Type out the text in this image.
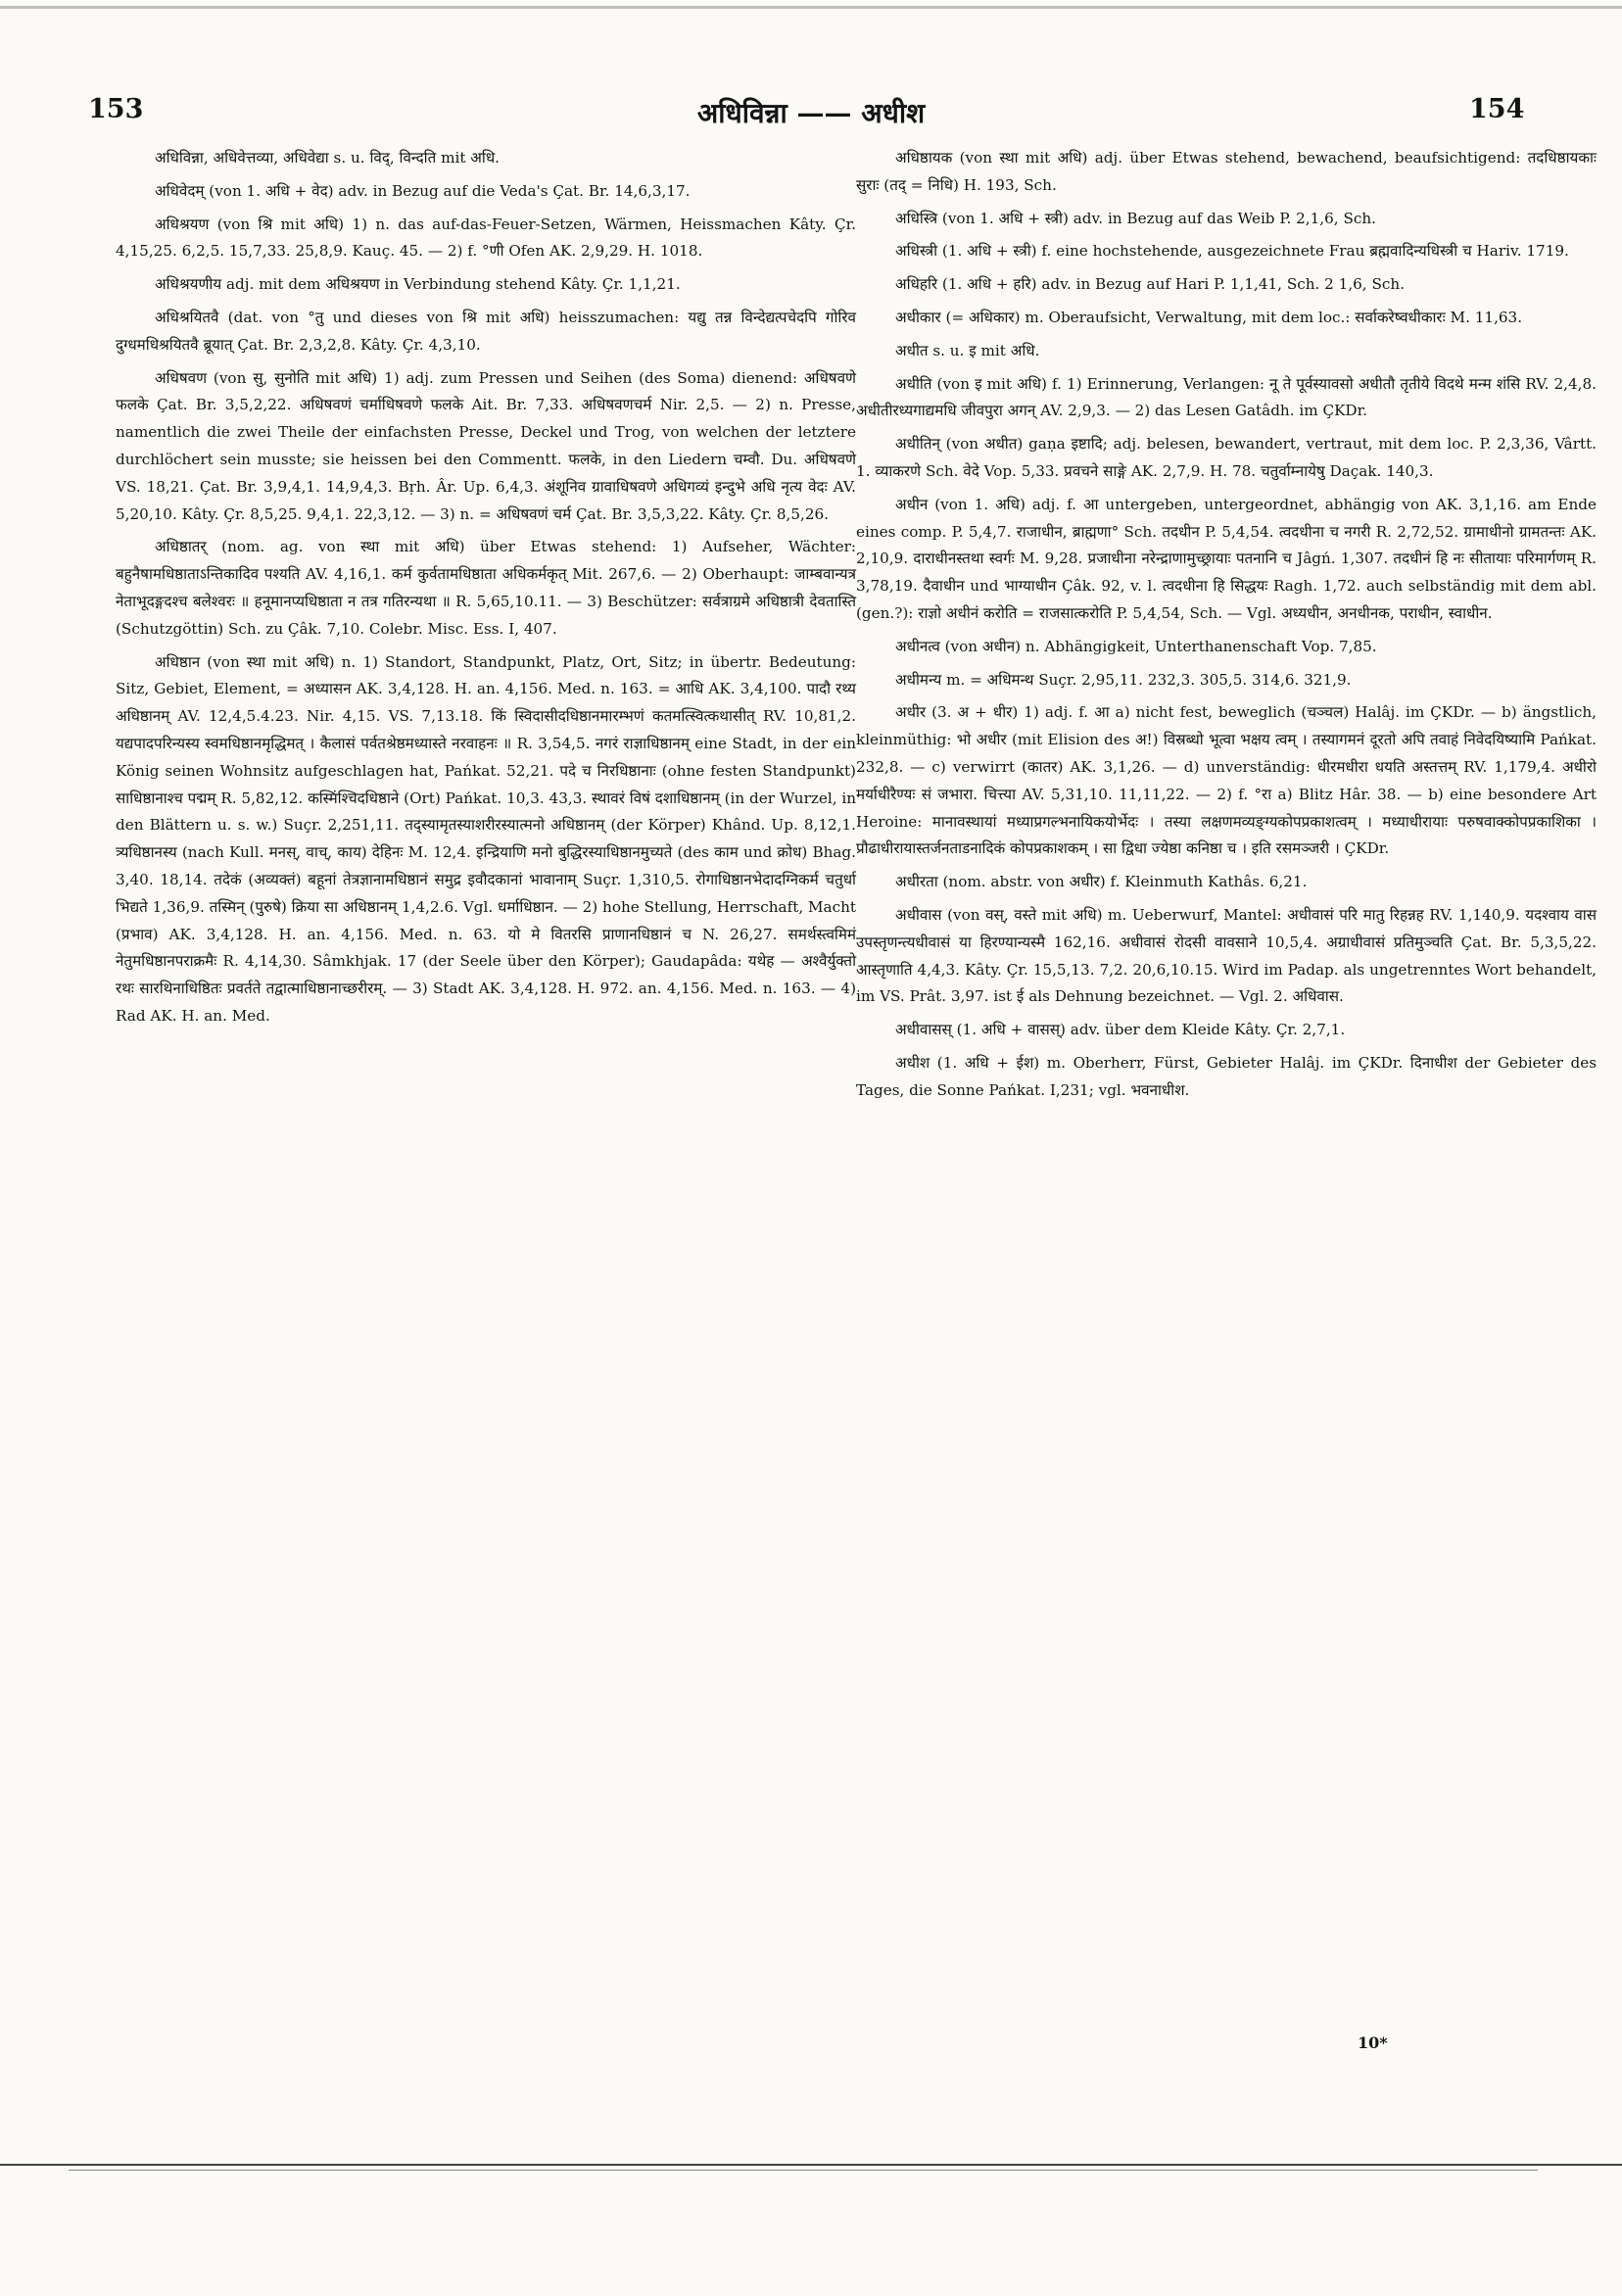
153	अधिविन्ना —— अधीश	154

अधिविन्ना, अधिवेत्तव्या, अधिवेद्या s. u. विद्, विन्दति mit अधि.

अधिवेदम् (von 1. अधि + वेद) adv. in Bezug auf die Veda's Çat. Br. 14,6,3,17.

अधिश्रयण (von श्रि mit अधि) 1) n. das auf-das-Feuer-Setzen, Wärmen, Heissmachen Kâty. Çr. 4,15,25. 6,2,5. 15,7,33. 25,8,9. Kauç. 45. — 2) f. °णी Ofen AK. 2,9,29. H. 1018.

अधिश्रयणीय adj. mit dem अधिश्रयण in Verbindung stehend Kâty. Çr. 1,1,21.

अधिश्रयितवै (dat. von °तु und dieses von श्रि mit अधि) heisszumachen: यद्यु तन्न विन्देद्यत्पचेदपि गोरिव दुग्धमधिश्रयितवै ब्रूयात् Çat. Br. 2,3,2,8. Kâty. Çr. 4,3,10.

अधिषवण (von सु, सुनोति mit अधि) 1) adj. zum Pressen und Seihen (des Soma) dienend: अधिषवणे फलके Çat. Br. 3,5,2,22. अधिषवणं चर्माधिषवणे फलके Ait. Br. 7,33. अधिषवणचर्म Nir. 2,5. — 2) n. Presse, namentlich die zwei Theile der einfachsten Presse, Deckel und Trog, von welchen der letztere durchlöchert sein musste; sie heissen bei den Commentt. फलके, in den Liedern चम्वौ. Du. अधिषवणे VS. 18,21. Çat. Br. 3,9,4,1. 14,9,4,3. Bṛh. Âr. Up. 6,4,3. अंशूनिव ग्रावाधिषवणे अधिगव्यं इन्दुभे अधि नृत्य वेदः AV. 5,20,10. Kâty. Çr. 8,5,25. 9,4,1. 22,3,12. — 3) n. = अधिषवणं चर्म Çat. Br. 3,5,3,22. Kâty. Çr. 8,5,26.

अधिष्ठातर् (nom. ag. von स्था mit अधि) über Etwas stehend: 1) Aufseher, Wächter: बहुनैषामधिष्ठाताऽन्तिकादिव पश्यति AV. 4,16,1. कर्म कुर्वतामधिष्ठाता अधिकर्मकृत् Mit. 267,6. — 2) Oberhaupt: जाम्बवान्यत्र नेताभूदङ्गदश्च बलेश्वरः ॥ हनूमानप्यधिष्ठाता न तत्र गतिरन्यथा ॥ R. 5,65,10.11. — 3) Beschützer: सर्वत्राग्रमे अधिष्ठात्री देवतास्ति (Schutzgöttin) Sch. zu Çâk. 7,10. Colebr. Misc. Ess. I, 407.

अधिष्ठान (von स्था mit अधि) n. 1) Standort, Standpunkt, Platz, Ort, Sitz; in übertr. Bedeutung: Sitz, Gebiet, Element, = अध्यासन AK. 3,4,128. H. an. 4,156. Med. n. 163. = आधि AK. 3,4,100. पादौ रथ्य अधिष्ठानम् AV. 12,4,5.4.23. Nir. 4,15. VS. 7,13.18. किं स्विदासीदधिष्ठानमारम्भणं कतमत्स्वित्कथासीत् RV. 10,81,2. यद्यपादपरिन्यस्य स्वमधिष्ठानमृद्धिमत् । कैलासं पर्वतश्रेष्ठमध्यास्ते नरवाहनः ॥ R. 3,54,5. नगरं राज्ञाधिष्ठानम् eine Stadt, in der ein König seinen Wohnsitz aufgeschlagen hat, Pańkat. 52,21. पदे च निरधिष्ठानाः (ohne festen Standpunkt) साधिष्ठानाश्च पद्मम् R. 5,82,12. कस्मिंश्चिदधिष्ठाने (Ort) Pańkat. 10,3. 43,3. स्थावरं विषं दशाधिष्ठानम् (in der Wurzel, in den Blättern u. s. w.) Suçr. 2,251,11. तद्स्यामृतस्याशरीरस्यात्मनो अधिष्ठानम् (der Körper) Khând. Up. 8,12,1. त्र्यधिष्ठानस्य (nach Kull. मनस्, वाच्, काय) देहिनः M. 12,4. इन्द्रियाणि मनो बुद्धिरस्याधिष्ठानमुच्यते (des काम und क्रोध) Bhag. 3,40. 18,14. तदेकं (अव्यक्तं) बहूनां तेत्रज्ञानामधिष्ठानं समुद्र इवौदकानां भावानाम् Suçr. 1,310,5. रोगाधिष्ठानभेदादग्निकर्म चतुर्धा भिद्यते 1,36,9. तस्मिन् (पुरुषे) क्रिया सा अधिष्ठानम् 1,4,2.6. Vgl. धर्माधिष्ठान. — 2) hohe Stellung, Herrschaft, Macht (प्रभाव) AK. 3,4,128. H. an. 4,156. Med. n. 63. यो मे वितरसि प्राणानधिष्ठानं च N. 26,27. समर्थस्त्वमिमं नेतुमधिष्ठानपराक्रमैः R. 4,14,30. Sâmkhjak. 17 (der Seele über den Körper); Gaudapâda: यथेह — अश्वैर्युक्तो रथः सारथिनाधिष्ठितः प्रवर्तते तद्वात्माधिष्ठानाच्छरीरम्. — 3) Stadt AK. 3,4,128. H. 972. an. 4,156. Med. n. 163. — 4) Rad AK. H. an. Med.

अधिष्ठायक (von स्था mit अधि) adj. über Etwas stehend, bewachend, beaufsichtigend: तदधिष्ठायकाः सुराः (तद् = निधि) H. 193, Sch.

अधिस्त्रि (von 1. अधि + स्त्री) adv. in Bezug auf das Weib P. 2,1,6, Sch.

अधिस्त्री (1. अधि + स्त्री) f. eine hochstehende, ausgezeichnete Frau ब्रह्मवादिन्यधिस्त्री च Hariv. 1719.

अधिहरि (1. अधि + हरि) adv. in Bezug auf Hari P. 1,1,41, Sch. 2 1,6, Sch.

अधीकार (= अधिकार) m. Oberaufsicht, Verwaltung, mit dem loc.: सर्वाकरेष्वधीकारः M. 11,63.

अधीत s. u. इ mit अधि.

अधीति (von इ mit अधि) f. 1) Erinnerung, Verlangen: नू ते पूर्वस्यावसो अधीतौ तृतीये विदथे मन्म शंसि RV. 2,4,8. अधीतीरध्यगाद्यमधि जीवपुरा अगन् AV. 2,9,3. — 2) das Lesen Gatâdh. im ÇKDr.

अधीतिन् (von अधीत) gaṇa इष्टादि; adj. belesen, bewandert, vertraut, mit dem loc. P. 2,3,36, Vârtt. 1. व्याकरणे Sch. वेदे Vop. 5,33. प्रवचने साङ्गे AK. 2,7,9. H. 78. चतुर्वाम्नायेषु Daçak. 140,3.

अधीन (von 1. अधि) adj. f. आ untergeben, untergeordnet, abhängig von AK. 3,1,16. am Ende eines comp. P. 5,4,7. राजाधीन, ब्राह्मणा° Sch. तदधीन P. 5,4,54. त्वदधीना च नगरी R. 2,72,52. ग्रामाधीनो ग्रामतन्तः AK. 2,10,9. दाराधीनस्तथा स्वर्गः M. 9,28. प्रजाधीना नरेन्द्राणामुच्छ्रायाः पतनानि च Jâgń. 1,307. तदधीनं हि नः सीतायाः परिमार्गणम् R. 3,78,19. दैवाधीन und भाग्याधीन Çâk. 92, v. l. त्वदधीना हि सिद्धयः Ragh. 1,72. auch selbständig mit dem abl. (gen.?): राज्ञो अधीनं करोति = राजसात्करोति P. 5,4,54, Sch. — Vgl. अध्यधीन, अनधीनक, पराधीन, स्वाधीन.

अधीनत्व (von अधीन) n. Abhängigkeit, Unterthanenschaft Vop. 7,85.

अधीमन्य m. = अधिमन्थ Suçr. 2,95,11. 232,3. 305,5. 314,6. 321,9.

अधीर (3. अ + धीर) 1) adj. f. आ a) nicht fest, beweglich (चञ्चल) Halâj. im ÇKDr. — b) ängstlich, kleinmüthig: भो अधीर (mit Elision des अ!) विस्रब्धो भूत्वा भक्षय त्वम् । तस्यागमनं दूरतो अपि तवाहं निवेदयिष्यामि Pańkat. 232,8. — c) verwirrt (कातर) AK. 3,1,26. — d) unverständig: धीरमधीरा धयति अस्तत्तम् RV. 1,179,4. अधीरो मर्याधीरैण्यः सं जभारा. चित्त्या AV. 5,31,10. 11,11,22. — 2) f. °रा a) Blitz Hâr. 38. — b) eine besondere Art Heroine: मानावस्थायां मध्याप्रगल्भनायिकयोर्भेदः । तस्या लक्षणमव्यङ्ग्यकोपप्रकाशत्वम् । मध्याधीरायाः परुषवाक्कोपप्रकाशिका । प्रौढाधीरायास्तर्जनताडनादिकं कोपप्रकाशकम् । सा द्विधा ज्येष्ठा कनिष्ठा च । इति रसमञ्जरी । ÇKDr.

अधीरता (nom. abstr. von अधीर) f. Kleinmuth Kathâs. 6,21.

अधीवास (von वस्, वस्ते mit अधि) m. Ueberwurf, Mantel: अधीवासं परि मातु रिहन्नह RV. 1,140,9. यदश्वाय वास उपस्तृणन्त्यधीवासं या हिरण्यान्यस्मै 162,16. अधीवासं रोदसी वावसाने 10,5,4. अग्राधीवासं प्रतिमुञ्चति Çat. Br. 5,3,5,22. आस्तृणाति 4,4,3. Kâty. Çr. 15,5,13. 7,2. 20,6,10.15. Wird im Padap. als ungetrenntes Wort behandelt, im VS. Prât. 3,97. ist ई als Dehnung bezeichnet. — Vgl. 2. अधिवास.

अधीवासस् (1. अधि + वासस्) adv. über dem Kleide Kâty. Çr. 2,7,1.

अधीश (1. अधि + ईश) m. Oberherr, Fürst, Gebieter Halâj. im ÇKDr. दिनाधीश der Gebieter des Tages, die Sonne Pańkat. I,231; vgl. भवनाधीश.

10*
